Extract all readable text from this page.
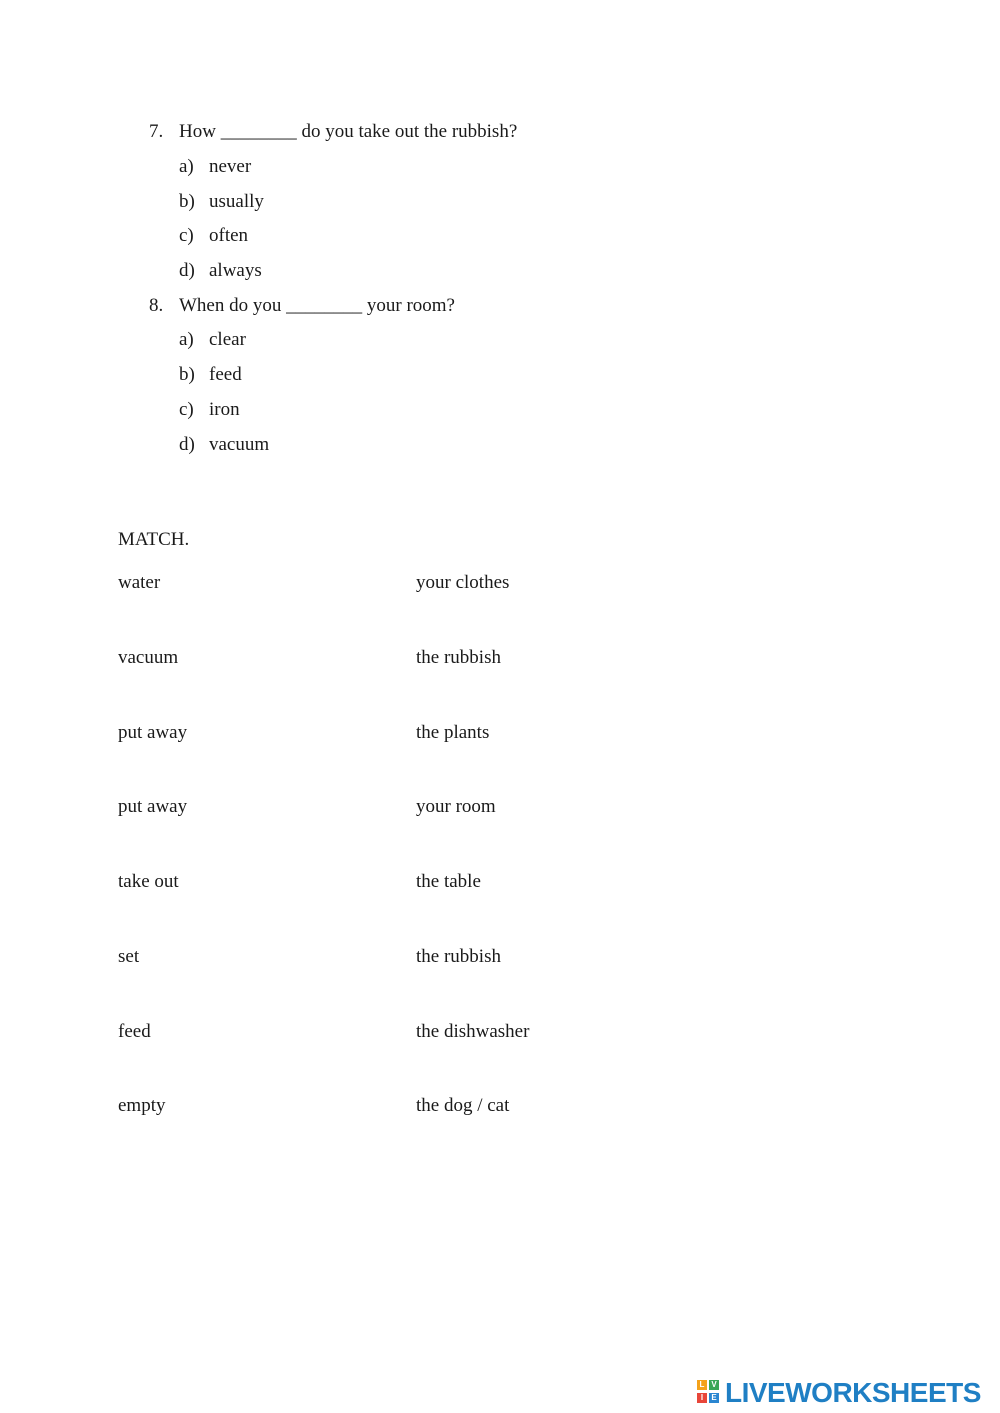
7. How ________ do you take out the rubbish?
a) never
b) usually
c) often
d) always
8. When do you ________ your room?
a) clear
b) feed
c) iron
d) vacuum
MATCH.
water	your clothes
vacuum	the rubbish
put away	the plants
put away	your room
take out	the table
set	the rubbish
feed	the dishwasher
empty	the dog / cat
L
I
V
E LIVEWORKSHEETS
